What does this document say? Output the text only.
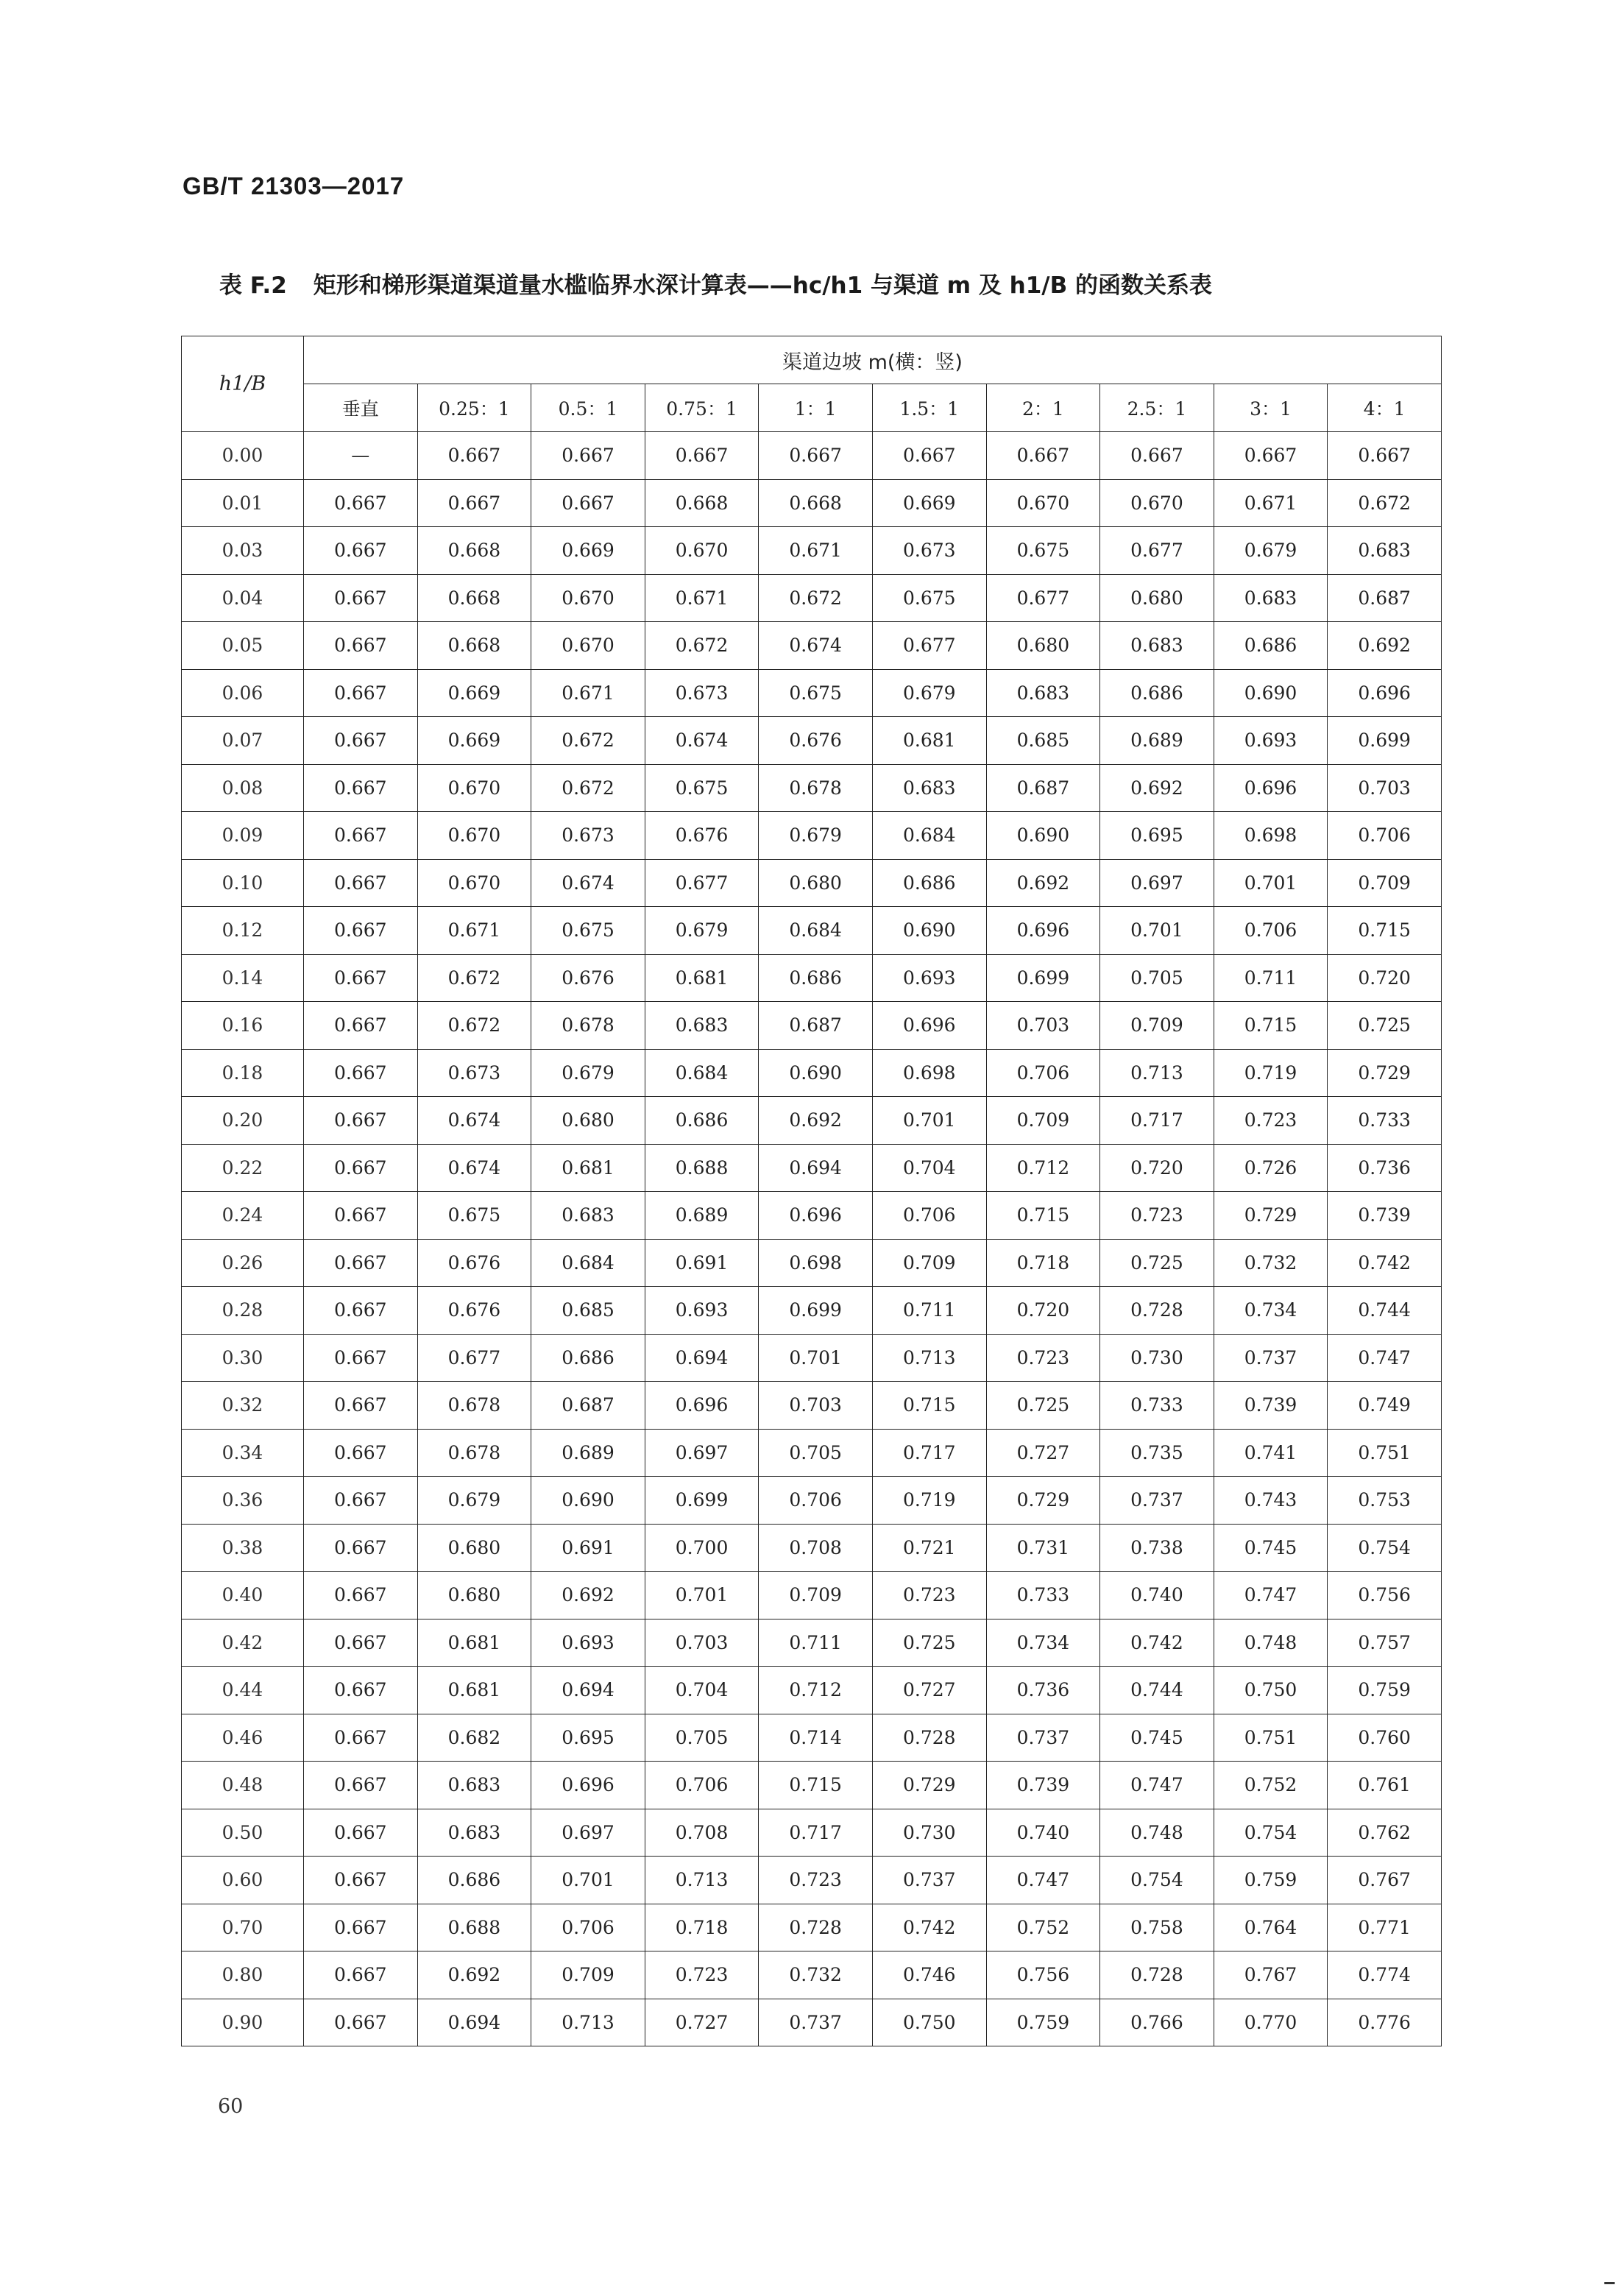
GB/T 21303—2017
表 F.2 矩形和梯形渠道渠道量水槛临界水深计算表——hc/h1 与渠道 m 及 h1/B 的函数关系表
h1/B	渠道边坡 m(横：竖)									
	垂直	0.25：1	0.5：1	0.75：1	1：1	1.5：1	2：1	2.5：1	3：1	4：1
0.00	—	0.667	0.667	0.667	0.667	0.667	0.667	0.667	0.667	0.667
0.01	0.667	0.667	0.667	0.668	0.668	0.669	0.670	0.670	0.671	0.672
0.03	0.667	0.668	0.669	0.670	0.671	0.673	0.675	0.677	0.679	0.683
0.04	0.667	0.668	0.670	0.671	0.672	0.675	0.677	0.680	0.683	0.687
0.05	0.667	0.668	0.670	0.672	0.674	0.677	0.680	0.683	0.686	0.692
0.06	0.667	0.669	0.671	0.673	0.675	0.679	0.683	0.686	0.690	0.696
0.07	0.667	0.669	0.672	0.674	0.676	0.681	0.685	0.689	0.693	0.699
0.08	0.667	0.670	0.672	0.675	0.678	0.683	0.687	0.692	0.696	0.703
0.09	0.667	0.670	0.673	0.676	0.679	0.684	0.690	0.695	0.698	0.706
0.10	0.667	0.670	0.674	0.677	0.680	0.686	0.692	0.697	0.701	0.709
0.12	0.667	0.671	0.675	0.679	0.684	0.690	0.696	0.701	0.706	0.715
0.14	0.667	0.672	0.676	0.681	0.686	0.693	0.699	0.705	0.711	0.720
0.16	0.667	0.672	0.678	0.683	0.687	0.696	0.703	0.709	0.715	0.725
0.18	0.667	0.673	0.679	0.684	0.690	0.698	0.706	0.713	0.719	0.729
0.20	0.667	0.674	0.680	0.686	0.692	0.701	0.709	0.717	0.723	0.733
0.22	0.667	0.674	0.681	0.688	0.694	0.704	0.712	0.720	0.726	0.736
0.24	0.667	0.675	0.683	0.689	0.696	0.706	0.715	0.723	0.729	0.739
0.26	0.667	0.676	0.684	0.691	0.698	0.709	0.718	0.725	0.732	0.742
0.28	0.667	0.676	0.685	0.693	0.699	0.711	0.720	0.728	0.734	0.744
0.30	0.667	0.677	0.686	0.694	0.701	0.713	0.723	0.730	0.737	0.747
0.32	0.667	0.678	0.687	0.696	0.703	0.715	0.725	0.733	0.739	0.749
0.34	0.667	0.678	0.689	0.697	0.705	0.717	0.727	0.735	0.741	0.751
0.36	0.667	0.679	0.690	0.699	0.706	0.719	0.729	0.737	0.743	0.753
0.38	0.667	0.680	0.691	0.700	0.708	0.721	0.731	0.738	0.745	0.754
0.40	0.667	0.680	0.692	0.701	0.709	0.723	0.733	0.740	0.747	0.756
0.42	0.667	0.681	0.693	0.703	0.711	0.725	0.734	0.742	0.748	0.757
0.44	0.667	0.681	0.694	0.704	0.712	0.727	0.736	0.744	0.750	0.759
0.46	0.667	0.682	0.695	0.705	0.714	0.728	0.737	0.745	0.751	0.760
0.48	0.667	0.683	0.696	0.706	0.715	0.729	0.739	0.747	0.752	0.761
0.50	0.667	0.683	0.697	0.708	0.717	0.730	0.740	0.748	0.754	0.762
0.60	0.667	0.686	0.701	0.713	0.723	0.737	0.747	0.754	0.759	0.767
0.70	0.667	0.688	0.706	0.718	0.728	0.742	0.752	0.758	0.764	0.771
0.80	0.667	0.692	0.709	0.723	0.732	0.746	0.756	0.728	0.767	0.774
0.90	0.667	0.694	0.713	0.727	0.737	0.750	0.759	0.766	0.770	0.776
60
